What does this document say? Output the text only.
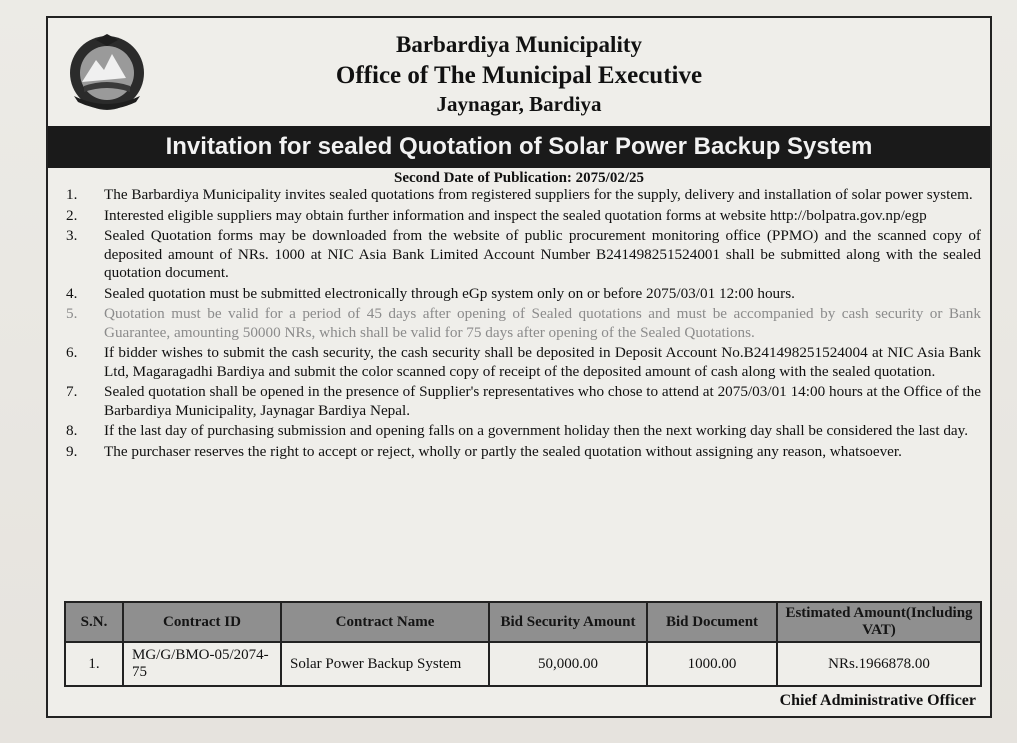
Barbardiya Municipality
Office of The Municipal Executive
Jaynagar, Bardiya
Invitation for sealed Quotation of Solar Power Backup System
Second Date of Publication: 2075/02/25
1.	The Barbardiya Municipality invites sealed quotations from registered suppliers for the supply, delivery and installation of solar power system.
2.	Interested eligible suppliers may obtain further information and inspect the sealed quotation forms at website http://bolpatra.gov.np/egp
3.	Sealed Quotation forms may be downloaded from the website of public procurement monitoring office (PPMO) and the scanned copy of deposited amount of NRs. 1000 at NIC Asia Bank Limited Account Number B241498251524001 shall be submitted along with the sealed quotation document.
4.	Sealed quotation must be submitted electronically through eGp system only on or before 2075/03/01 12:00 hours.
5.	Quotation must be valid for a period of 45 days after opening of Sealed quotations and must be accompanied by cash security or Bank Guarantee, amounting 50000 NRs, which shall be valid for 75 days after opening of the Sealed Quotations.
6.	If bidder wishes to submit the cash security, the cash security shall be deposited in Deposit Account No.B241498251524004 at NIC Asia Bank Ltd, Magaragadhi Bardiya and submit the color scanned copy of receipt of the deposited amount of cash along with the sealed quotation.
7.	Sealed quotation shall be opened in the presence of Supplier's representatives who chose to attend at 2075/03/01 14:00 hours at the Office of the Barbardiya Municipality, Jaynagar Bardiya Nepal.
8.	If the last day of purchasing submission and opening falls on a government holiday then the next working day shall be considered the last day.
9.	The purchaser reserves the right to accept or reject, wholly or partly the sealed quotation without assigning any reason, whatsoever.
S.N.	Contract ID	Contract Name	Bid Security Amount	Bid Document	Estimated Amount(Including VAT)
1.	MG/G/BMO-05/2074-75	Solar Power Backup System	50,000.00	1000.00	NRs.1966878.00
Chief Administrative Officer
